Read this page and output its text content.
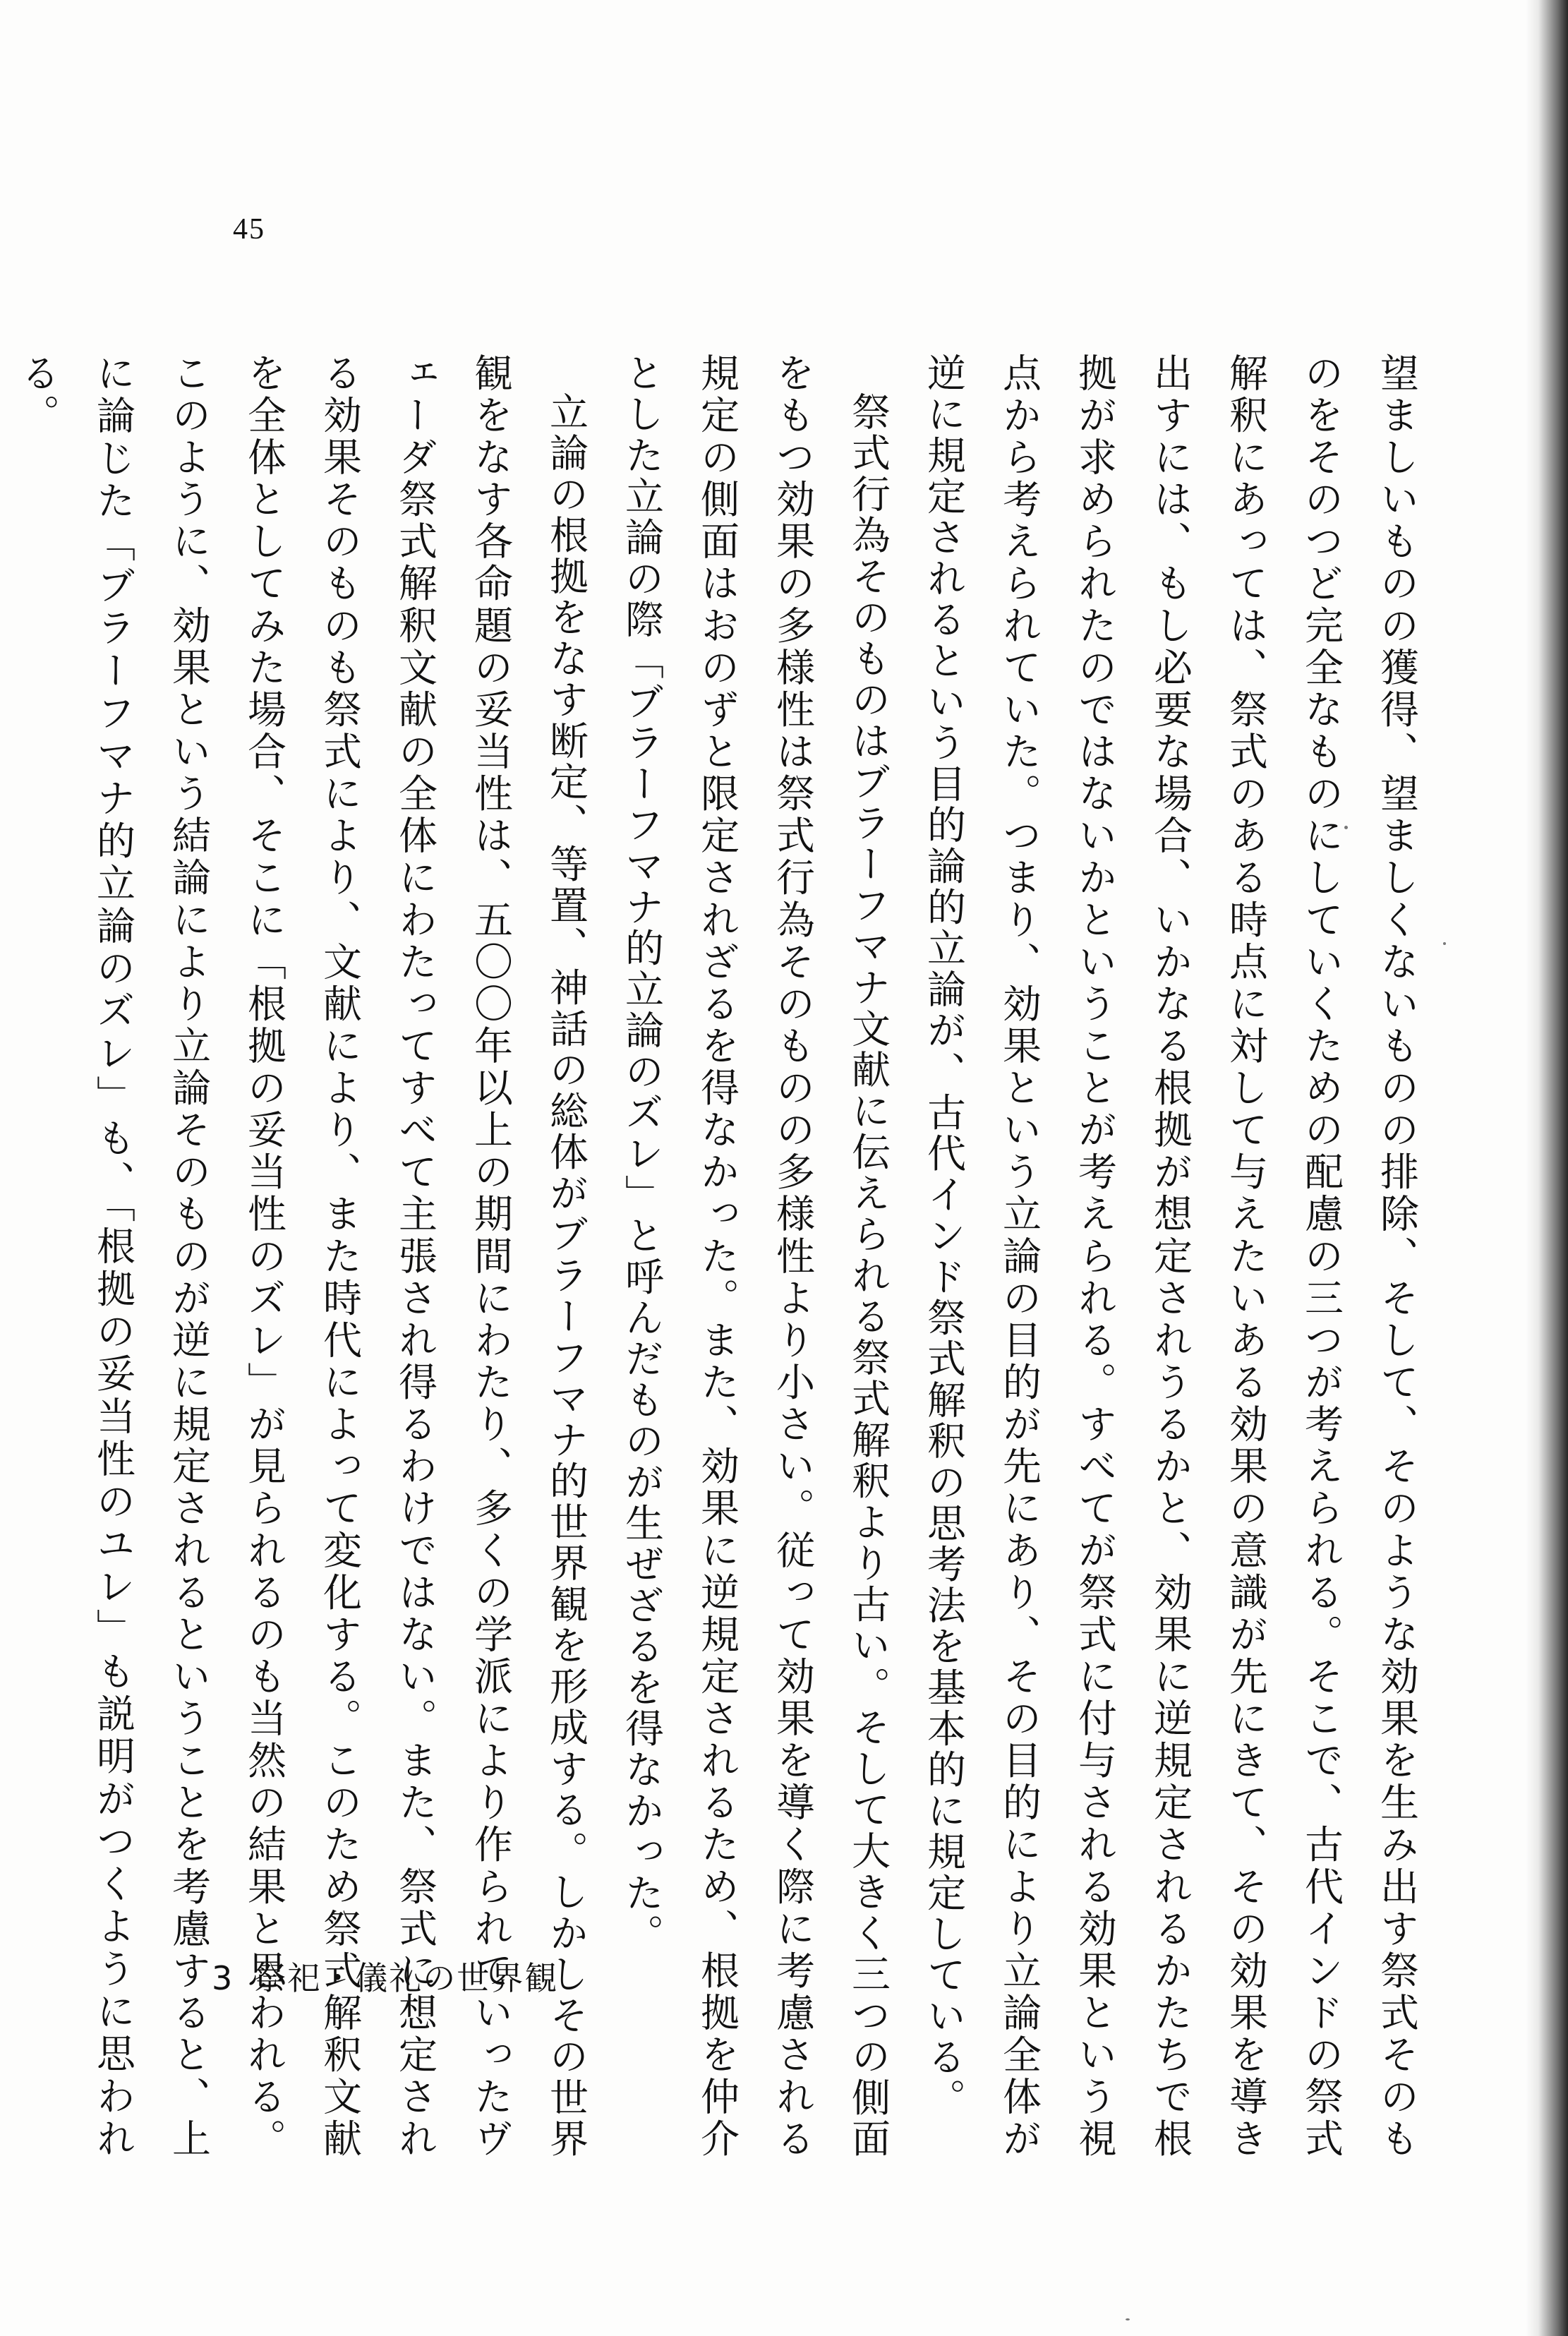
45

望ましいものの獲得、望ましくないものの排除、そして、そのような効果を生み出す祭式そのものをそのつど完全なものにしていくための配慮の三つが考えられる。そこで、古代インドの祭式解釈にあっては、祭式のある時点に対して与えたいある効果の意識が先にきて、その効果を導き出すには、もし必要な場合、いかなる根拠が想定されうるかと、効果に逆規定されるかたちで根拠が求められたのではないかということが考えられる。すべてが祭式に付与される効果という視点から考えられていた。つまり、効果という立論の目的が先にあり、その目的により立論全体が逆に規定されるという目的論的立論が、古代インド祭式解釈の思考法を基本的に規定している。

祭式行為そのものはブラーフマナ文献に伝えられる祭式解釈より古い。そして大きく三つの側面をもつ効果の多様性は祭式行為そのものの多様性より小さい。従って効果を導く際に考慮される規定の側面はおのずと限定されざるを得なかった。また、効果に逆規定されるため、根拠を仲介とした立論の際「ブラーフマナ的立論のズレ」と呼んだものが生ぜざるを得なかった。

立論の根拠をなす断定、等置、神話の総体がブラーフマナ的世界観を形成する。しかしその世界観をなす各命題の妥当性は、五〇〇年以上の期間にわたり、多くの学派により作られていったヴェーダ祭式解釈文献の全体にわたってすべて主張され得るわけではない。また、祭式に想定される効果そのものも祭式により、文献により、また時代によって変化する。このため祭式解釈文献を全体としてみた場合、そこに「根拠の妥当性のズレ」が見られるのも当然の結果と思われる。このように、効果という結論により立論そのものが逆に規定されるということを考慮すると、上に論じた「ブラーフマナ的立論のズレ」も、「根拠の妥当性のユレ」も説明がつくように思われる。

3 祭祀・儀礼の世界観
